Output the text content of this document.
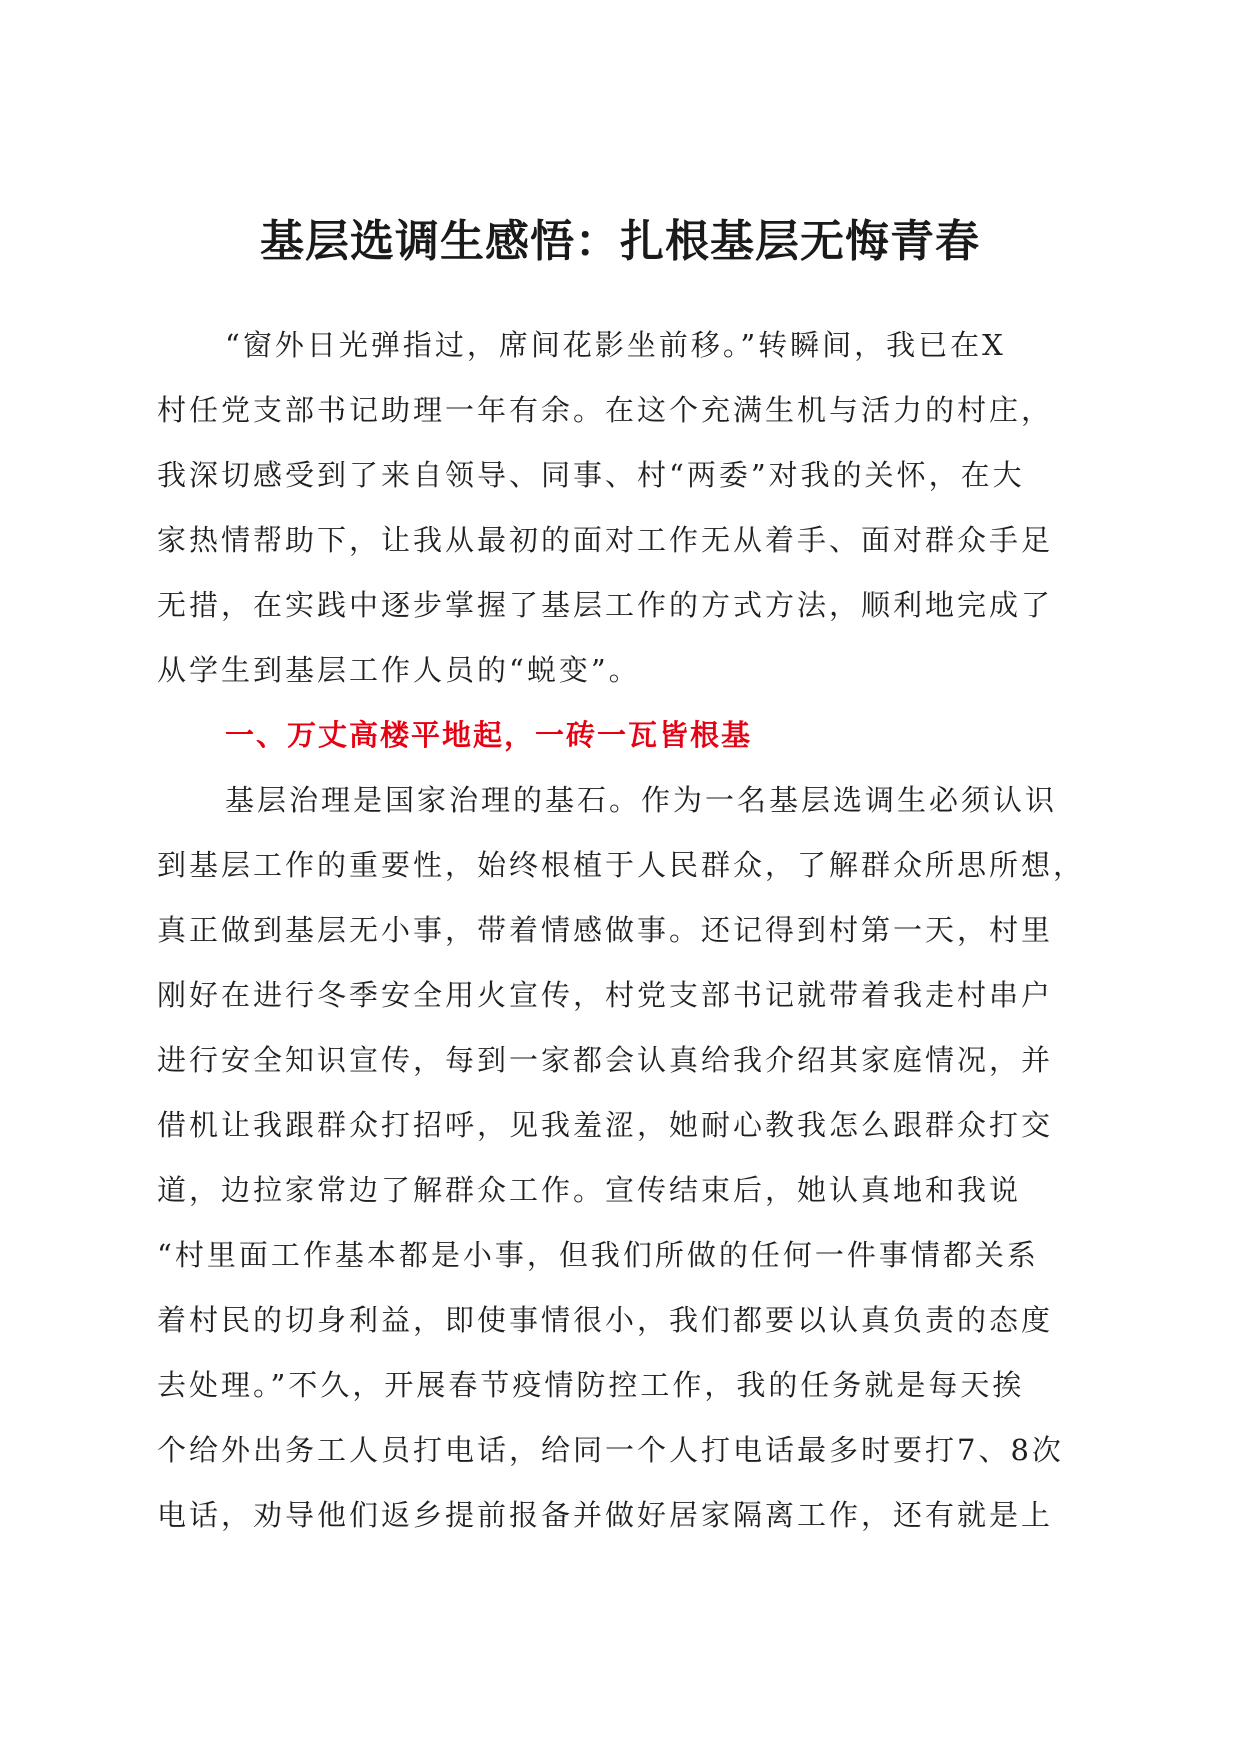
基层选调生感悟：扎根基层无悔青春
“窗外日光弹指过，席间花影坐前移。”转瞬间，我已在X
村任党支部书记助理一年有余。在这个充满生机与活力的村庄，
我深切感受到了来自领导、同事、村“两委”对我的关怀，在大
家热情帮助下，让我从最初的面对工作无从着手、面对群众手足
无措，在实践中逐步掌握了基层工作的方式方法，顺利地完成了
从学生到基层工作人员的“蜕变”。
一、万丈高楼平地起，一砖一瓦皆根基
基层治理是国家治理的基石。作为一名基层选调生必须认识
到基层工作的重要性，始终根植于人民群众，了解群众所思所想，
真正做到基层无小事，带着情感做事。还记得到村第一天，村里
刚好在进行冬季安全用火宣传，村党支部书记就带着我走村串户
进行安全知识宣传，每到一家都会认真给我介绍其家庭情况，并
借机让我跟群众打招呼，见我羞涩，她耐心教我怎么跟群众打交
道，边拉家常边了解群众工作。宣传结束后，她认真地和我说
“村里面工作基本都是小事，但我们所做的任何一件事情都关系
着村民的切身利益，即使事情很小，我们都要以认真负责的态度
去处理。”不久，开展春节疫情防控工作，我的任务就是每天挨
个给外出务工人员打电话，给同一个人打电话最多时要打7、8次
电话，劝导他们返乡提前报备并做好居家隔离工作，还有就是上
